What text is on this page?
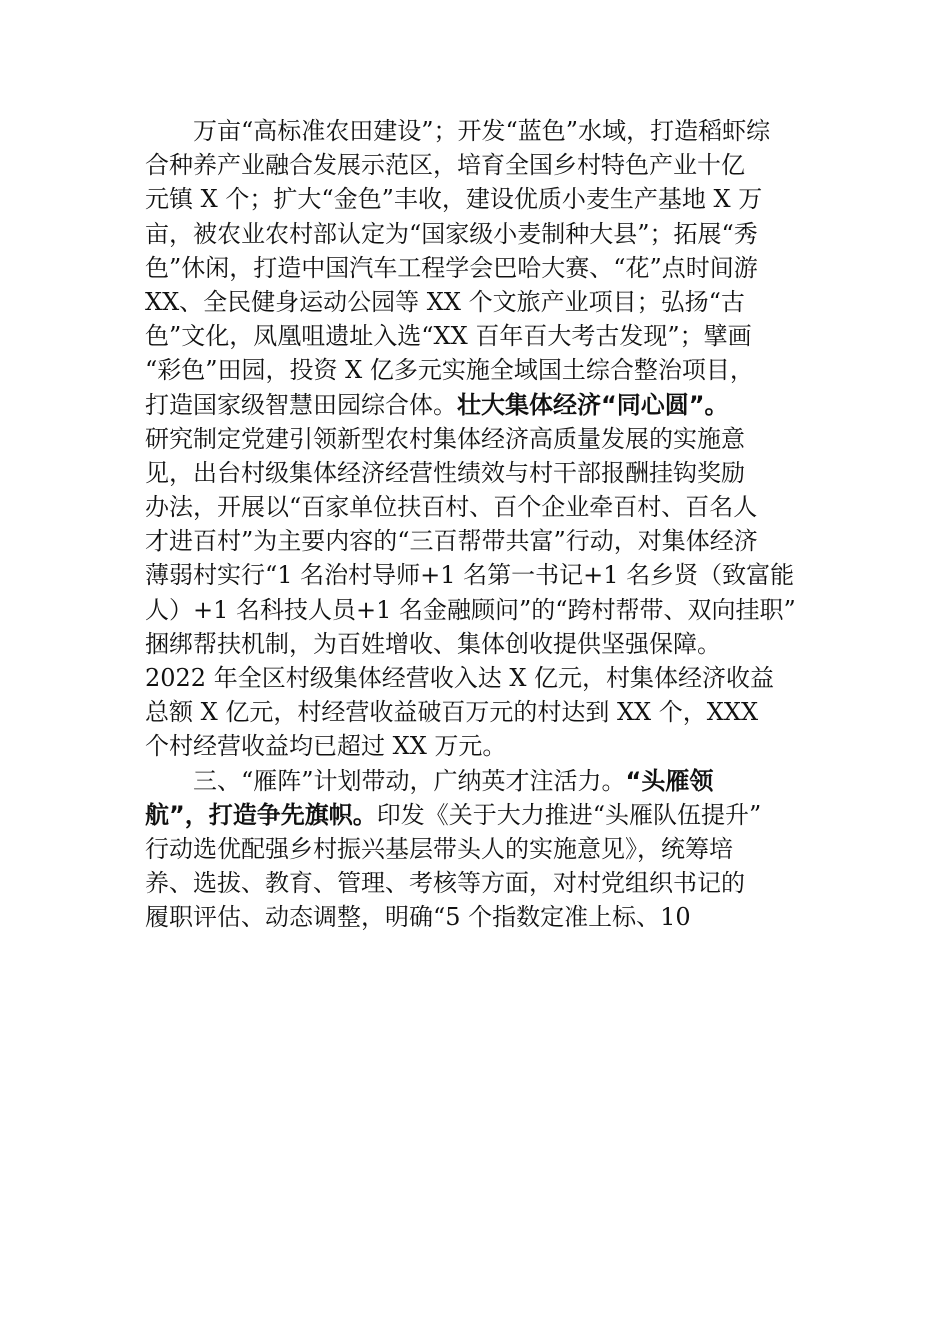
万亩“高标准农田建设”；开发“蓝色”水域，打造稻虾综
合种养产业融合发展示范区，培育全国乡村特色产业十亿
元镇 X 个；扩大“金色”丰收，建设优质小麦生产基地 X 万
亩，被农业农村部认定为“国家级小麦制种大县”；拓展“秀
色”休闲，打造中国汽车工程学会巴哈大赛、“花”点时间游
XX、全民健身运动公园等 XX 个文旅产业项目；弘扬“古
色”文化，凤凰咀遗址入选“XX 百年百大考古发现”；擘画
“彩色”田园，投资 X 亿多元实施全域国土综合整治项目，
打造国家级智慧田园综合体。壮大集体经济“同心圆”。
研究制定党建引领新型农村集体经济高质量发展的实施意
见，出台村级集体经济经营性绩效与村干部报酬挂钩奖励
办法，开展以“百家单位扶百村、百个企业牵百村、百名人
才进百村”为主要内容的“三百帮带共富”行动，对集体经济
薄弱村实行“1 名治村导师+1 名第一书记+1 名乡贤（致富能
人）+1 名科技人员+1 名金融顾问”的“跨村帮带、双向挂职”
捆绑帮扶机制，为百姓增收、集体创收提供坚强保障。
2022 年全区村级集体经营收入达 X 亿元，村集体经济收益
总额 X 亿元，村经营收益破百万元的村达到 XX 个，XXX
个村经营收益均已超过 XX 万元。
三、“雁阵”计划带动，广纳英才注活力。“头雁领
航”，打造争先旗帜。印发《关于大力推进“头雁队伍提升”
行动选优配强乡村振兴基层带头人的实施意见》，统筹培
养、选拔、教育、管理、考核等方面，对村党组织书记的
履职评估、动态调整，明确“5 个指数定准上标、10
